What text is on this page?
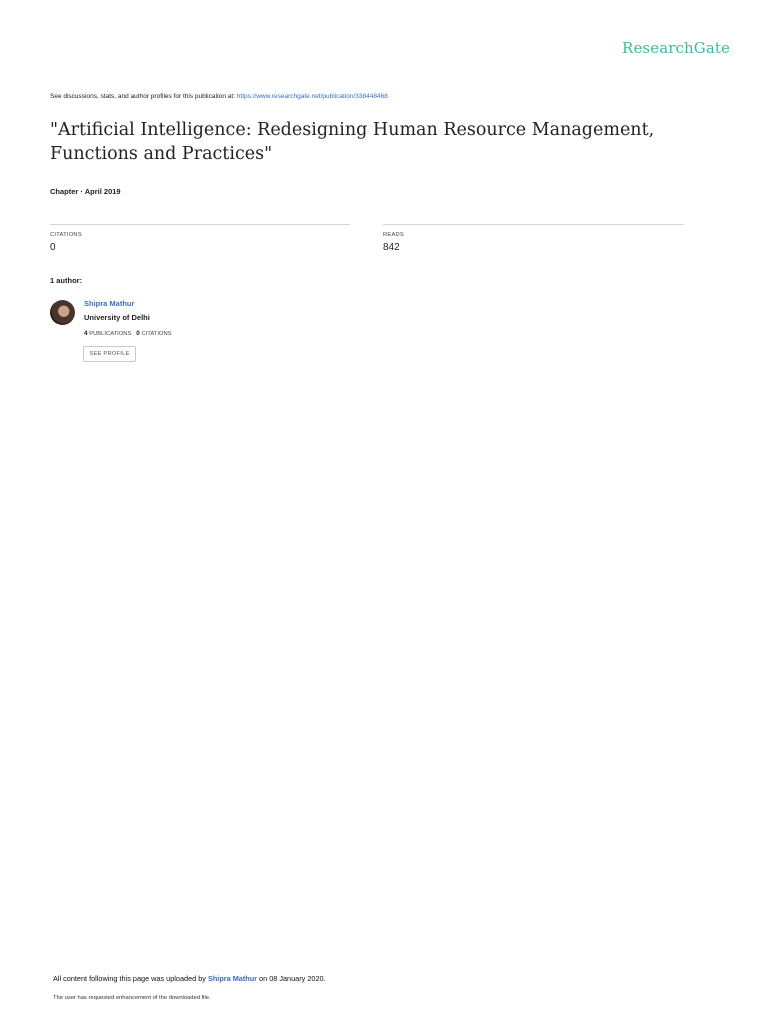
ResearchGate
See discussions, stats, and author profiles for this publication at: https://www.researchgate.net/publication/338448468
"Artificial Intelligence: Redesigning Human Resource Management, Functions and Practices"
Chapter · April 2019
CITATIONS
0
READS
842
1 author:
Shipra Mathur
University of Delhi
4 PUBLICATIONS 0 CITATIONS
SEE PROFILE
All content following this page was uploaded by Shipra Mathur on 08 January 2020.
The user has requested enhancement of the downloaded file.
